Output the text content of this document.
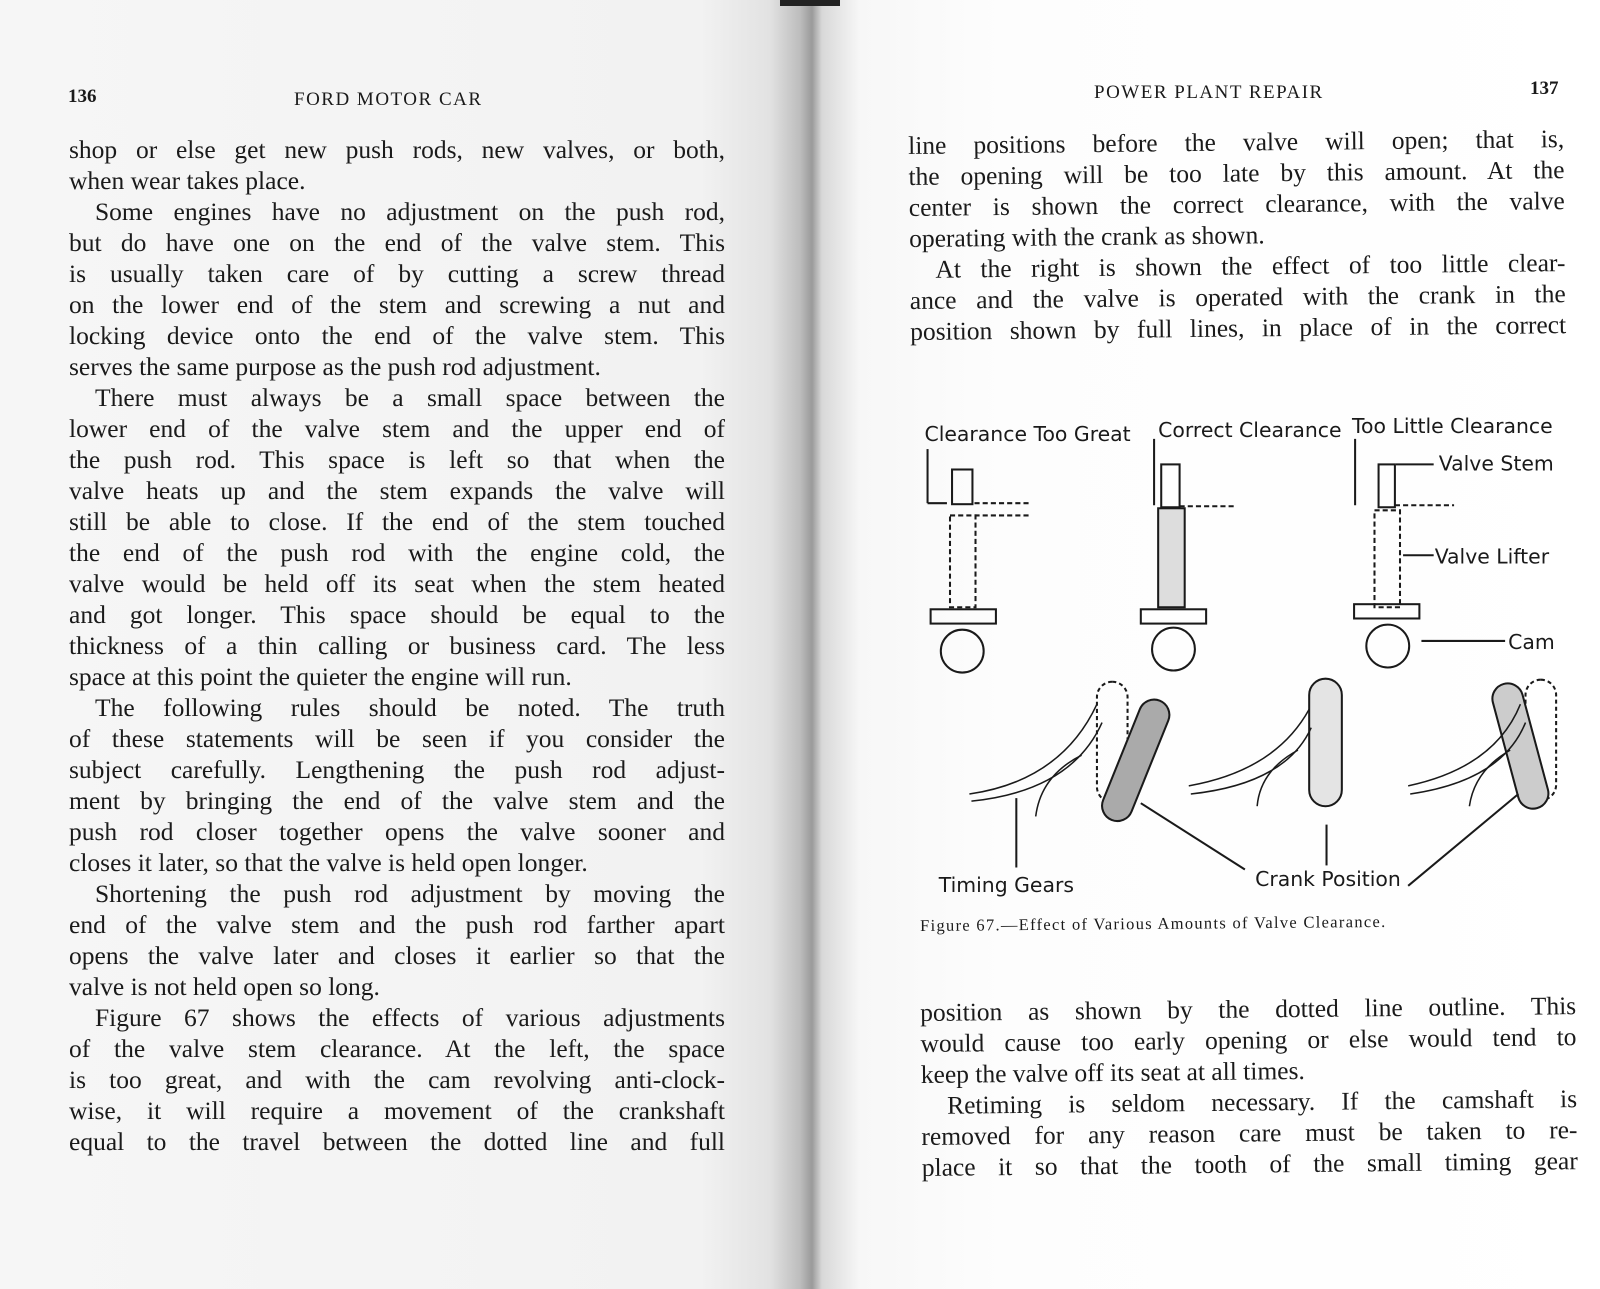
136	FORD MOTOR CAR
shop or else get new push rods, new valves, or both,
when wear takes place.
Some engines have no adjustment on the push rod,
but do have one on the end of the valve stem. This
is usually taken care of by cutting a screw thread
on the lower end of the stem and screwing a nut and
locking device onto the end of the valve stem. This
serves the same purpose as the push rod adjustment.
There must always be a small space between the
lower end of the valve stem and the upper end of
the push rod. This space is left so that when the
valve heats up and the stem expands the valve will
still be able to close. If the end of the stem touched
the end of the push rod with the engine cold, the
valve would be held off its seat when the stem heated
and got longer. This space should be equal to the
thickness of a thin calling or business card. The less
space at this point the quieter the engine will run.
The following rules should be noted. The truth
of these statements will be seen if you consider the
subject carefully. Lengthening the push rod adjust-
ment by bringing the end of the valve stem and the
push rod closer together opens the valve sooner and
closes it later, so that the valve is held open longer.
Shortening the push rod adjustment by moving the
end of the valve stem and the push rod farther apart
opens the valve later and closes it earlier so that the
valve is not held open so long.
Figure 67 shows the effects of various adjustments
of the valve stem clearance. At the left, the space
is too great, and with the cam revolving anti-clock-
wise, it will require a movement of the crankshaft
equal to the travel between the dotted line and full
POWER PLANT REPAIR	137
line positions before the valve will open; that is,
the opening will be too late by this amount. At the
center is shown the correct clearance, with the valve
operating with the crank as shown.
At the right is shown the effect of too little clear-
ance and the valve is operated with the crank in the
position shown by full lines, in place of in the correct
Clearance Too Great Correct Clearance Too Little Clearance
Valve Stem
Valve Lifter
Cam
Timing Gears	Crank Position
Figure 67.—Effect of Various Amounts of Valve Clearance.
position as shown by the dotted line outline. This
would cause too early opening or else would tend to
keep the valve off its seat at all times.
Retiming is seldom necessary. If the camshaft is
removed for any reason care must be taken to re-
place it so that the tooth of the small timing gear
